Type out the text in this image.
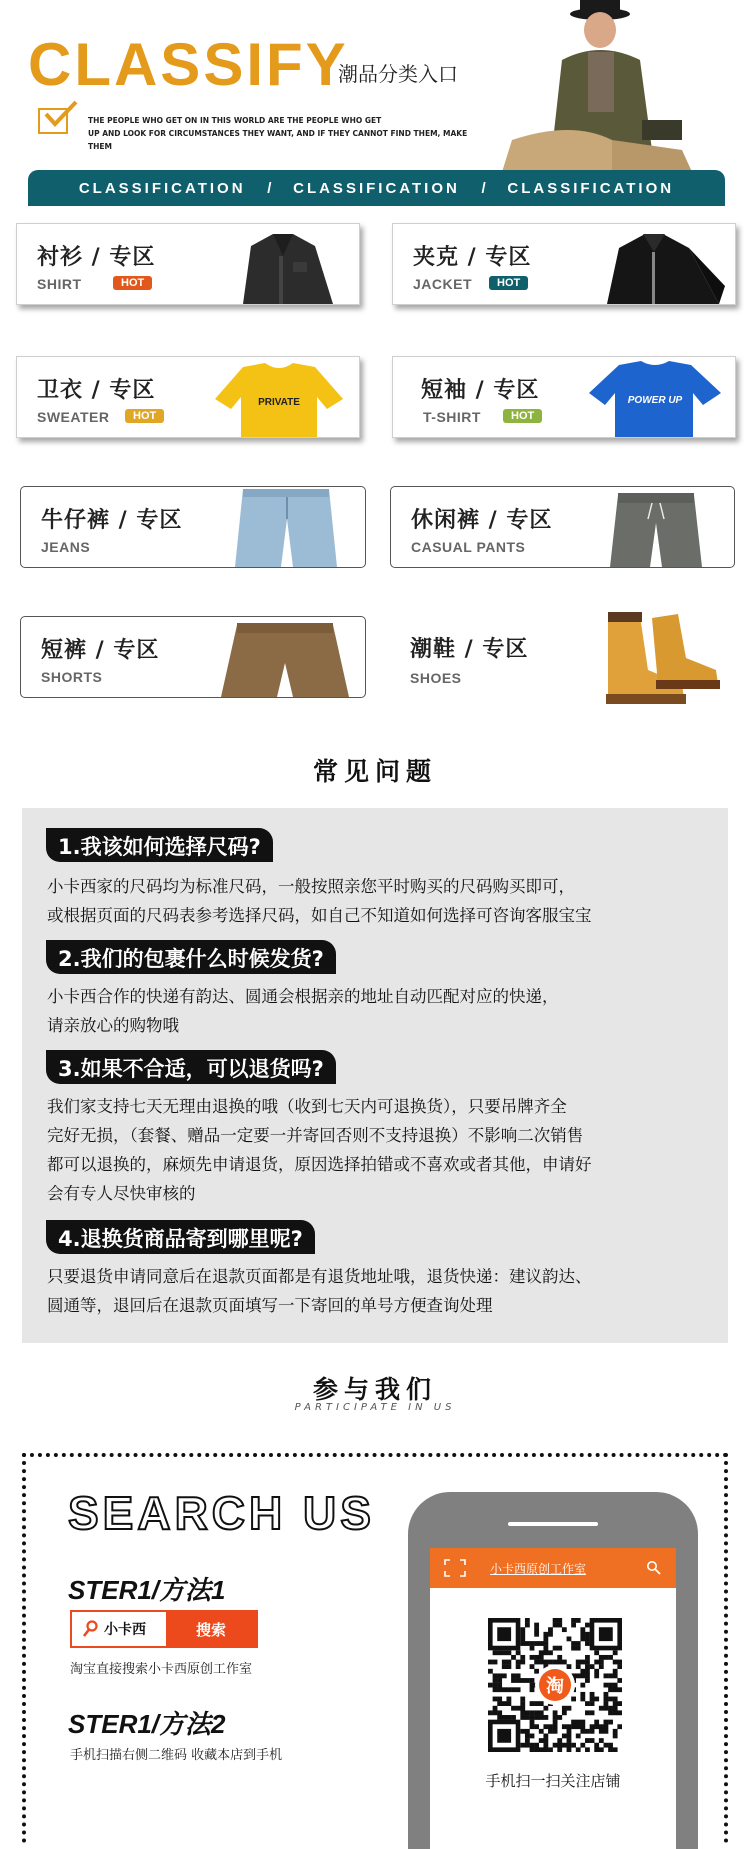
CLASSIFY
潮品分类入口
THE PEOPLE WHO GET ON IN THIS WORLD ARE THE PEOPLE WHO GET
UP AND LOOK FOR CIRCUMSTANCES THEY WANT, AND IF THEY CANNOT FIND THEM, MAKE THEM
CLASSIFICATION / CLASSIFICATION / CLASSIFICATION
衬衫 / 专区
SHIRT	HOT
夹克 / 专区
JACKET	HOT
卫衣 / 专区
SWEATER	HOT
PRIVATE	短袖 / 专区
T-SHIRT	HOT
POWER UP
牛仔裤 / 专区
JEANS
休闲裤 / 专区
CASUAL PANTS
短裤 / 专区
SHORTS
潮鞋 / 专区
SHOES
常见问题
1.我该如何选择尺码?
小卡西家的尺码均为标准尺码，一般按照亲您平时购买的尺码购买即可，
或根据页面的尺码表参考选择尺码，如自己不知道如何选择可咨询客服宝宝
2.我们的包裹什么时候发货?
小卡西合作的快递有韵达、圆通会根据亲的地址自动匹配对应的快递，
请亲放心的购物哦
3.如果不合适，可以退货吗?
我们家支持七天无理由退换的哦（收到七天内可退换货），只要吊牌齐全
完好无损，（套餐、赠品一定要一并寄回否则不支持退换）不影响二次销售
都可以退换的，麻烦先申请退货，原因选择拍错或不喜欢或者其他，申请好
会有专人尽快审核的
4.退换货商品寄到哪里呢?
只要退货申请同意后在退款页面都是有退货地址哦，退货快递：建议韵达、
圆通等，退回后在退款页面填写一下寄回的单号方便查询处理
参与我们
PARTICIPATE IN US
SEARCH US
STER1/方法1
小卡西	搜索
淘宝直接搜索小卡西原创工作室
STER1/方法2
手机扫描右侧二维码 收藏本店到手机
小卡西原创工作室
淘
手机扫一扫关注店铺
